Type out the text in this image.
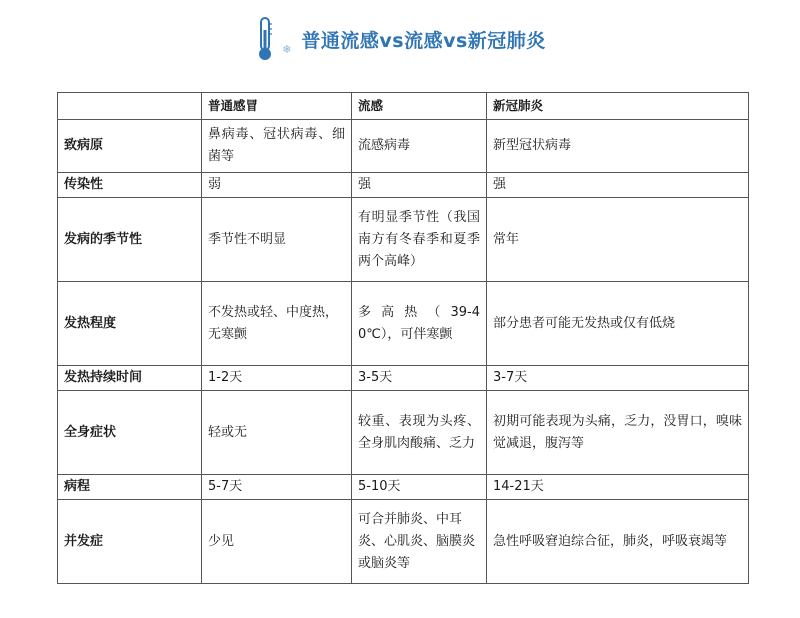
❄ 普通流感vs流感vs新冠肺炎
	普通感冒	流感	新冠肺炎
致病原	鼻病毒、冠状病毒、细菌等	流感病毒	新型冠状病毒
传染性	弱	强	强
发病的季节性	季节性不明显	有明显季节性（我国南方有冬春季和夏季两个高峰）	常年
发热程度	不发热或轻、中度热，无寒颤	多高热（39-40℃），可伴寒颤	部分患者可能无发热或仅有低烧
发热持续时间	1-2天	3-5天	3-7天
全身症状	轻或无	较重、表现为头疼、全身肌肉酸痛、乏力	初期可能表现为头痛，乏力，没胃口，嗅味觉减退，腹泻等
病程	5-7天	5-10天	14-21天
并发症	少见	可合并肺炎、中耳炎、心肌炎、脑膜炎或脑炎等	急性呼吸窘迫综合征，肺炎，呼吸衰竭等
